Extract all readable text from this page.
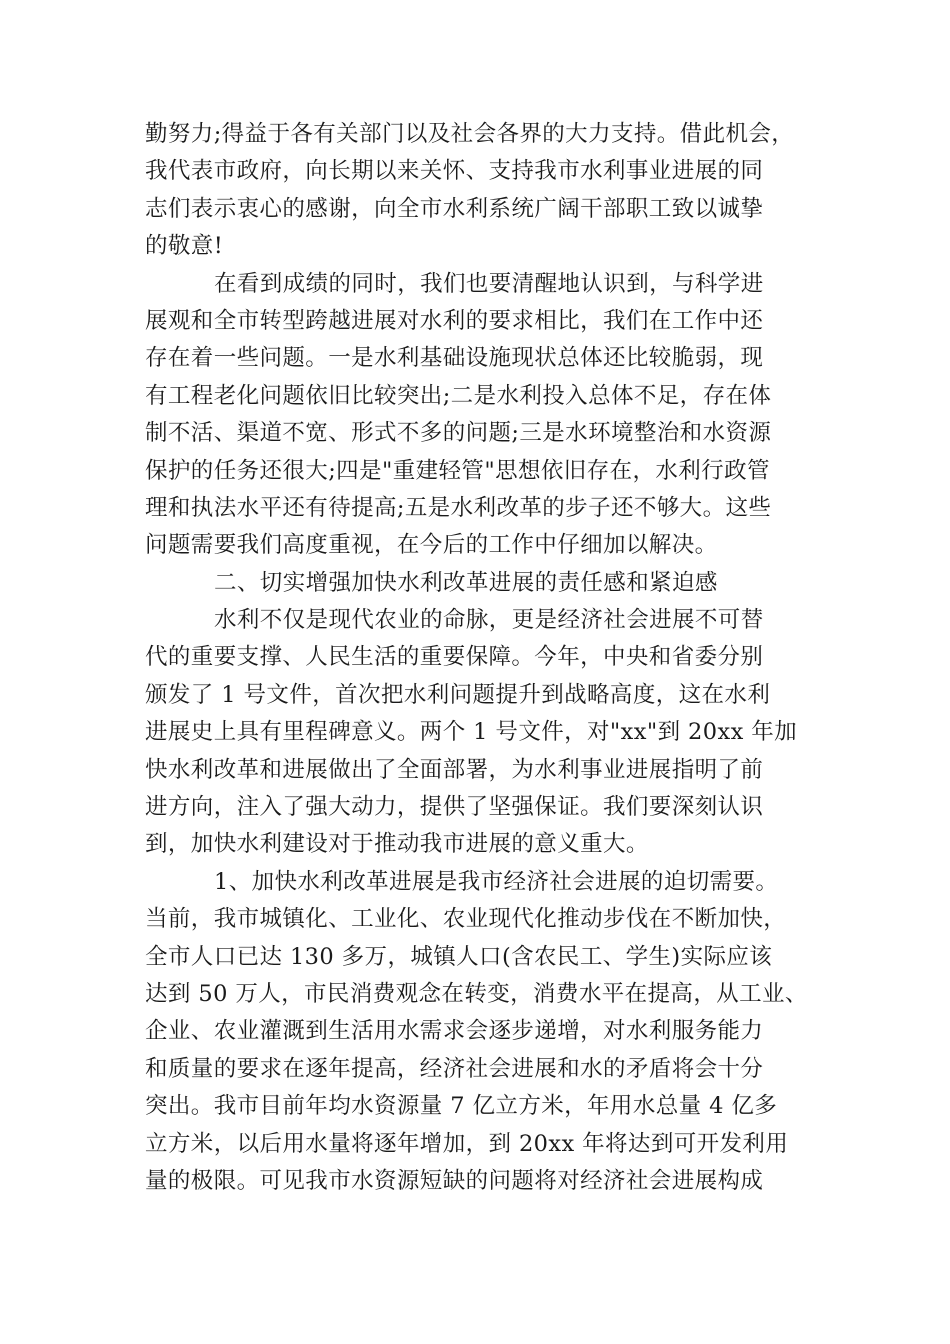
勤努力;得益于各有关部门以及社会各界的大力支持。借此机会，
我代表市政府，向长期以来关怀、支持我市水利事业进展的同
志们表示衷心的感谢，向全市水利系统广阔干部职工致以诚挚
的敬意!
在看到成绩的同时，我们也要清醒地认识到，与科学进
展观和全市转型跨越进展对水利的要求相比，我们在工作中还
存在着一些问题。一是水利基础设施现状总体还比较脆弱，现
有工程老化问题依旧比较突出;二是水利投入总体不足，存在体
制不活、渠道不宽、形式不多的问题;三是水环境整治和水资源
保护的任务还很大;四是"重建轻管"思想依旧存在，水利行政管
理和执法水平还有待提高;五是水利改革的步子还不够大。这些
问题需要我们高度重视，在今后的工作中仔细加以解决。
二、切实增强加快水利改革进展的责任感和紧迫感
水利不仅是现代农业的命脉，更是经济社会进展不可替
代的重要支撑、人民生活的重要保障。今年，中央和省委分别
颁发了 1 号文件，首次把水利问题提升到战略高度，这在水利
进展史上具有里程碑意义。两个 1 号文件，对"xx"到 20xx 年加
快水利改革和进展做出了全面部署，为水利事业进展指明了前
进方向，注入了强大动力，提供了坚强保证。我们要深刻认识
到，加快水利建设对于推动我市进展的意义重大。
1、加快水利改革进展是我市经济社会进展的迫切需要。
当前，我市城镇化、工业化、农业现代化推动步伐在不断加快，
全市人口已达 130 多万，城镇人口(含农民工、学生)实际应该
达到 50 万人，市民消费观念在转变，消费水平在提高，从工业、
企业、农业灌溉到生活用水需求会逐步递增，对水利服务能力
和质量的要求在逐年提高，经济社会进展和水的矛盾将会十分
突出。我市目前年均水资源量 7 亿立方米，年用水总量 4 亿多
立方米，以后用水量将逐年增加，到 20xx 年将达到可开发利用
量的极限。可见我市水资源短缺的问题将对经济社会进展构成
